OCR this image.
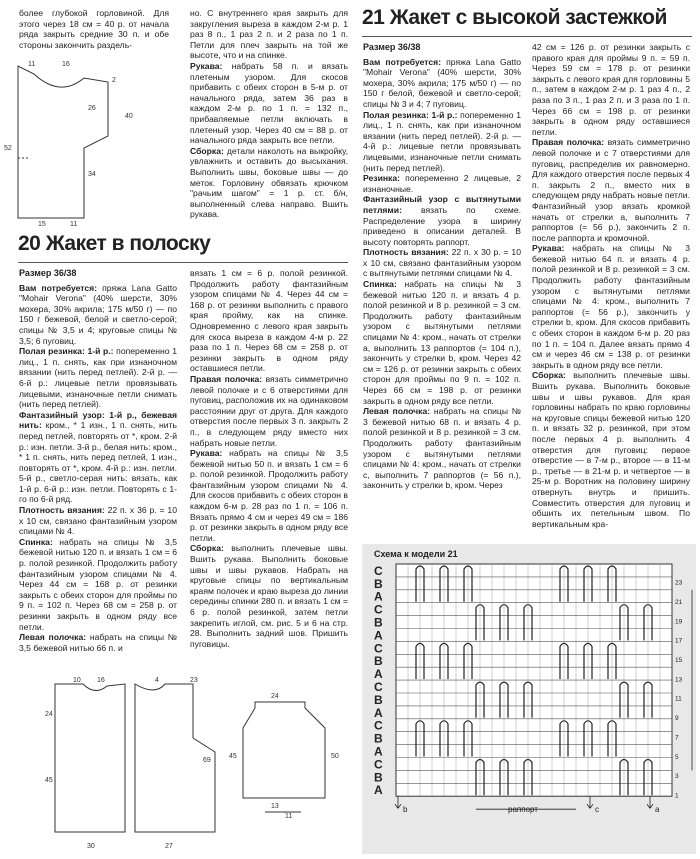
11	16
2
26
40
52
34
15	11

более глубокой горловиной. Для этого через 18 см = 40 р. от начала ряда закрыть средние 30 п. и обе стороны закончить раздель-

но. С внутреннего края закрыть для закругления выреза в каждом 2-м р. 1 раз 8 п., 1 раз 2 п. и 2 раза по 1 п. Петли для плеч закрыть на той же высоте, что и на спинке.

Рукава: набрать 58 п. и вязать плетеным узором. Для скосов прибавить с обеих сторон в 5-м р. от начального ряда, затем 36 раз в каждом 2-м р. по 1 п. = 132 п., прибавляемые петли включать в плетеный узор. Через 40 см = 88 р. от начального ряда закрыть все петли.

Сборка: детали наколоть на выкройку, увлажнить и оставить до высыхания. Выполнить швы, боковые швы — до меток. Горловину обвязать крючком "рачьим шагом" = 1 р. ст. б/н, выполненный слева направо. Вшить рукава.

20 Жакет в полоску

Размер 36/38

Вам потребуется: пряжа Lana Gatto "Mohair Verona" (40% шерсти, 30% мохера, 30% акрила; 175 м/50 г) — по 150 г бежевой, белой и светло-серой; спицы № 3,5 и 4; круговые спицы № 3,5; 6 пуговиц.

Полая резинка: 1-й р.: попеременно 1 лиц., 1 п. снять, как при изнаночном вязании (нить перед петлей). 2-й р. — 6-й р.: лицевые петли провязывать лицевыми, изнаночные петли снимать (нить перед петлей).

Фантазийный узор: 1-й р., бежевая нить: кром., * 1 изн., 1 п. снять, нить перед петлей, повторять от *, кром. 2-й р.: изн. петли. 3-й р., белая нить: кром., * 1 п. снять, нить перед петлей, 1 изн., повторять от *, кром. 4-й р.: изн. петли. 5-й р., светло-серая нить: вязать, как 1-й р. 6-й р.: изн. петли. Повторять с 1-го по 6-й ряд.

Плотность вязания: 22 п. x 36 р. = 10 x 10 см, связано фантазийным узором спицами № 4.

Спинка: набрать на спицы № 3,5 бежевой нитью 120 п. и вязать 1 см = 6 р. полой резинкой. Продолжить работу фантазийным узором спицами № 4. Через 44 см = 168 р. от резинки закрыть с обеих сторон для проймы по 9 п. = 102 п. Через 68 см = 258 р. от резинки закрыть в одном ряду все петли.

Левая полочка: набрать на спицы № 3,5 бежевой нитью 66 п. и

вязать 1 см = 6 р. полой резинкой. Продолжить работу фантазийным узором спицами № 4. Через 44 см = 168 р. от резинки выполнить с правого края пройму, как на спинке. Одновременно с левого края закрыть для скоса выреза в каждом 4-м р. 22 раза по 1 п. Через 68 см = 258 р. от резинки закрыть в одном ряду оставшиеся петли.

Правая полочка: вязать симметрично левой полочке и с 6 отверстиями для пуговиц, расположив их на одинаковом расстоянии друг от друга. Для каждого отверстия после первых 3 п. закрыть 2 п., в следующем ряду вместо них набрать новые петли.

Рукава: набрать на спицы № 3,5 бежевой нитью 50 п. и вязать 1 см = 6 р. полой резинкой. Продолжить работу фантазийным узором спицами № 4. Для скосов прибавить с обеих сторон в каждом 6-м р. 28 раз по 1 п. = 106 п. Вязать прямо 4 см и через 49 см = 186 р. от резинки закрыть в одном ряду все петли.

Сборка: выполнить плечевые швы. Вшить рукава. Выполнить боковые швы и швы рукавов. Набрать на круговые спицы по вертикальным краям полочек и краю выреза до линии середины спинки 280 п. и вязать 1 см = 6 р. полой резинкой, затем петли закрепить иглой, см. рис. 5 и 6 на стр. 28. Выполнить задний шов. Пришить пуговицы.

10 16	4	23
24
45
69
30	27
24
45	50
13
11
21 Жакет с высокой застежкой

Размер 36/38

Вам потребуется: пряжа Lana Gatto "Mohair Verona" (40% шерсти, 30% мохера, 30% акрила; 175 м/50 г) — по 150 г белой, бежевой и светло-серой; спицы № 3 и 4; 7 пуговиц.

Полая резинка: 1-й р.: попеременно 1 лиц., 1 п. снять, как при изнаночном вязании (нить перед петлей). 2-й р. — 4-й р.: лицевые петли провязывать лицевыми, изнаночные петли снимать (нить перед петлей).

Резинка: попеременно 2 лицевые, 2 изнаночные.

Фантазийный узор с вытянутыми петлями: вязать по схеме. Распределение узора в ширину приведено в описании деталей. В высоту повторять раппорт.

Плотность вязания: 22 п. x 30 р. = 10 x 10 см, связано фантазийным узором с вытянутыми петлями спицами № 4.

Спинка: набрать на спицы № 3 бежевой нитью 120 п. и вязать 4 р. полой резинкой и 8 р. резинкой = 3 см. Продолжить работу фантазийным узором с вытянутыми петлями спицами № 4: кром., начать от стрелки а, выполнить 13 раппортов (= 104 п.), закончить у стрелки b, кром. Через 42 см = 126 р. от резинки закрыть с обеих сторон для проймы по 9 п. = 102 п. Через 66 см = 198 р. от резинки закрыть в одном ряду все петли.

Левая полочка: набрать на спицы № 3 бежевой нитью 68 п. и вязать 4 р. полой резинкой и 8 р. резинкой = 3 см. Продолжить работу фантазийным узором с вытянутыми петлями спицами № 4: кром., начать от стрелки c, выполнить 7 раппортов (= 56 п.), закончить у стрелки b, кром. Через

42 см = 126 р. от резинки закрыть с правого края для проймы 9 п. = 59 п. Через 59 см = 178 р. от резинки закрыть с левого края для горловины 5 п., затем в каждом 2-м р. 1 раз 4 п., 2 раза по 3 п., 1 раз 2 п. и 3 раза по 1 п. Через 66 см = 198 р. от резинки закрыть в одном ряду оставшиеся петли.

Правая полочка: вязать симметрично левой полочке и с 7 отверстиями для пуговиц, распределив их равномерно. Для каждого отверстия после первых 4 п. закрыть 2 п., вместо них в следующем ряду набрать новые петли. Фантазийный узор вязать кромкой начать от стрелки a, выполнить 7 раппортов (= 56 р.), закончить 2 п. после раппорта и кромочной.

Рукава: набрать на спицы № 3 бежевой нитью 64 п. и вязать 4 р. полой резинкой и 8 р. резинкой = 3 см. Продолжить работу фантазийным узором с вытянутыми петлями спицами № 4: кром., выполнить 7 раппортов (= 56 р.), закончить у стрелки b, кром. Для скосов прибавить с обеих сторон в каждом 6-м р. 20 раз по 1 п. = 104 п. Далее вязать прямо 4 см и через 46 см = 138 р. от резинки закрыть в одном ряду все петли.

Сборка: выполнить плечевые швы. Вшить рукава. Выполнить боковые швы и швы рукавов. Для края горловины набрать по краю горловины на круговые спицы бежевой нитью 120 п. и вязать 32 р. резинкой, при этом после первых 4 р. выполнить 4 отверстия для пуговиц: первое отверстие — в 7-м р., второе — в 11-м р., третье — в 21-м р. и четвертое — в 25-м р. Воротник на половину ширину отвернуть внутрь и пришить. Совместить отверстия для пуговиц и обшить их петельным швом. По вертикальным кра-

Схема к модели 21
C
B
A
C
B
A
C
B
A
C
B
A
C
B
A
C
B
A
23
21
19
17
15
13
11
9
7
5
3
1
b	c	a
раппорт
